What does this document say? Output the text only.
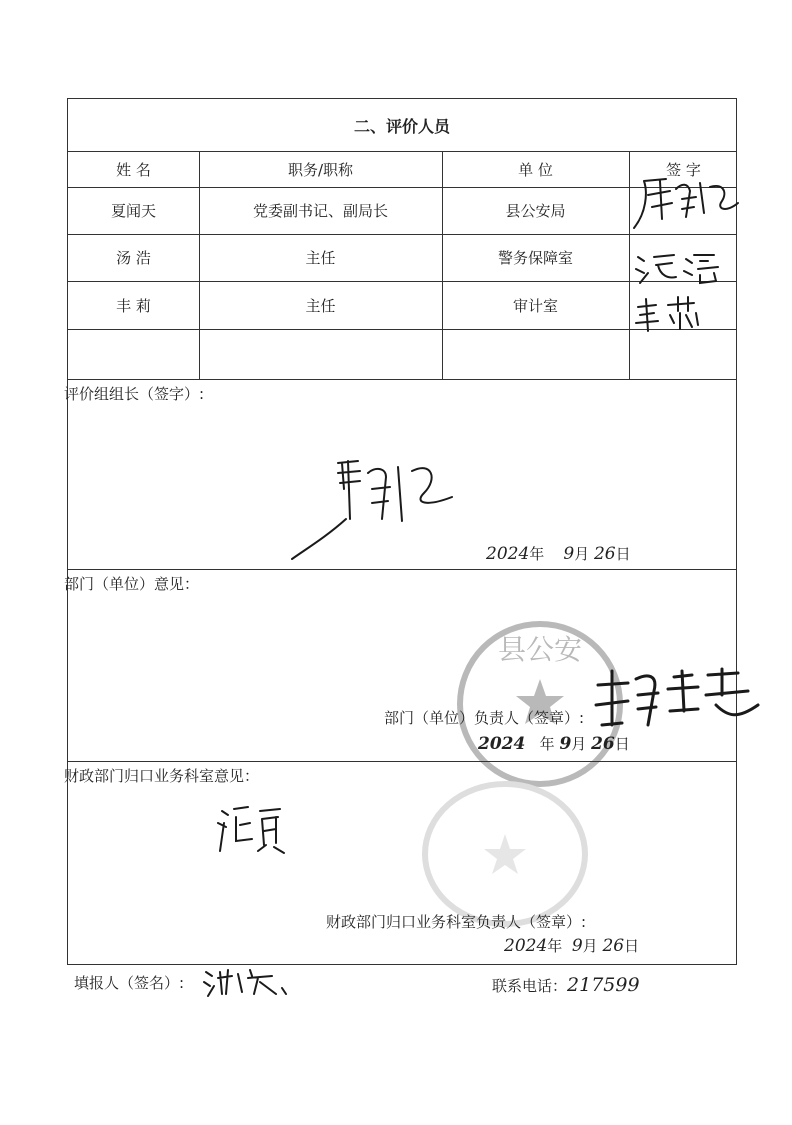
二、评价人员
姓 名	职务/职称	单 位	签 字
夏闻天	党委副书记、副局长	县公安局
汤 浩	主任	警务保障室
丰 莉	主任	审计室
评价组组长（签字）:
2024年 9月 26日
部门（单位）意见：
县公安
部门（单位）负责人（签章）:
2024 年 9月 26日
财政部门归口业务科室意见：
财政部门归口业务科室负责人（签章）:
2024年 9月 26日
填报人（签名）:	联系电话：217599
